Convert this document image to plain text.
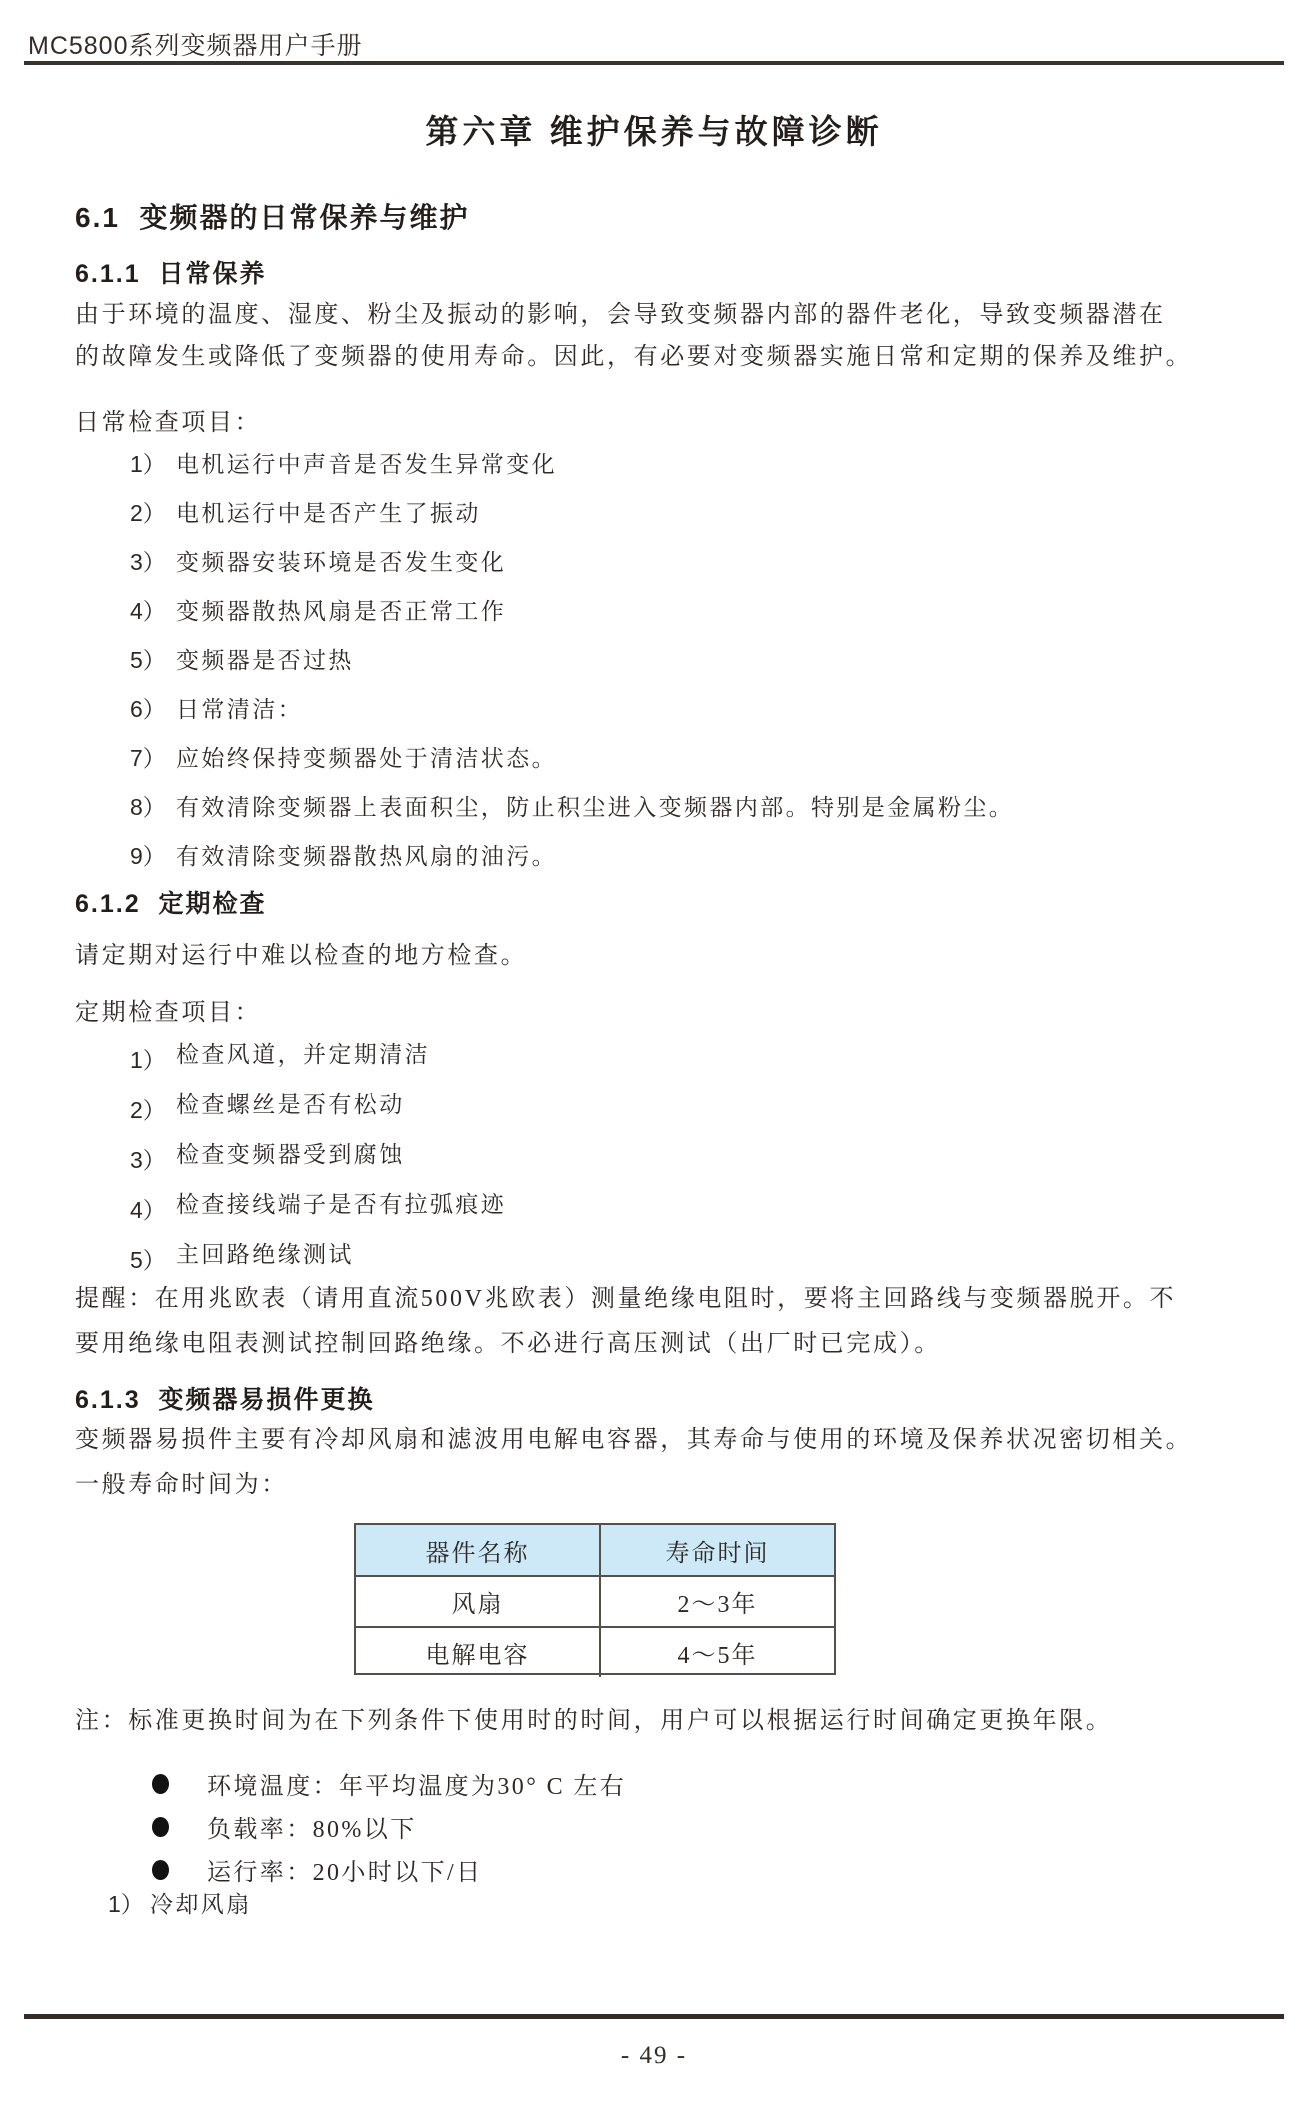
MC5800系列变频器用户手册
第六章 维护保养与故障诊断
6.1  变频器的日常保养与维护
6.1.1  日常保养
由于环境的温度、湿度、粉尘及振动的影响，会导致变频器内部的器件老化，导致变频器潜在
的故障发生或降低了变频器的使用寿命。因此，有必要对变频器实施日常和定期的保养及维护。
日常检查项目：
1） 电机运行中声音是否发生异常变化
2） 电机运行中是否产生了振动
3） 变频器安装环境是否发生变化
4） 变频器散热风扇是否正常工作
5） 变频器是否过热
6） 日常清洁：
7） 应始终保持变频器处于清洁状态。
8） 有效清除变频器上表面积尘，防止积尘进入变频器内部。特别是金属粉尘。
9） 有效清除变频器散热风扇的油污。
6.1.2  定期检查
请定期对运行中难以检查的地方检查。
定期检查项目：
1） 检查风道，并定期清洁
2） 检查螺丝是否有松动
3） 检查变频器受到腐蚀
4） 检查接线端子是否有拉弧痕迹
5） 主回路绝缘测试
提醒：在用兆欧表（请用直流500V兆欧表）测量绝缘电阻时，要将主回路线与变频器脱开。不
要用绝缘电阻表测试控制回路绝缘。不必进行高压测试（出厂时已完成）。
6.1.3  变频器易损件更换
变频器易损件主要有冷却风扇和滤波用电解电容器，其寿命与使用的环境及保养状况密切相关。
一般寿命时间为：
器件名称	寿命时间
风扇	2～3年
电解电容	4～5年
注：标准更换时间为在下列条件下使用时的时间，用户可以根据运行时间确定更换年限。
环境温度：年平均温度为30° C 左右
负载率：80%以下
运行率：20小时以下/日
1） 冷却风扇
- 49 -
